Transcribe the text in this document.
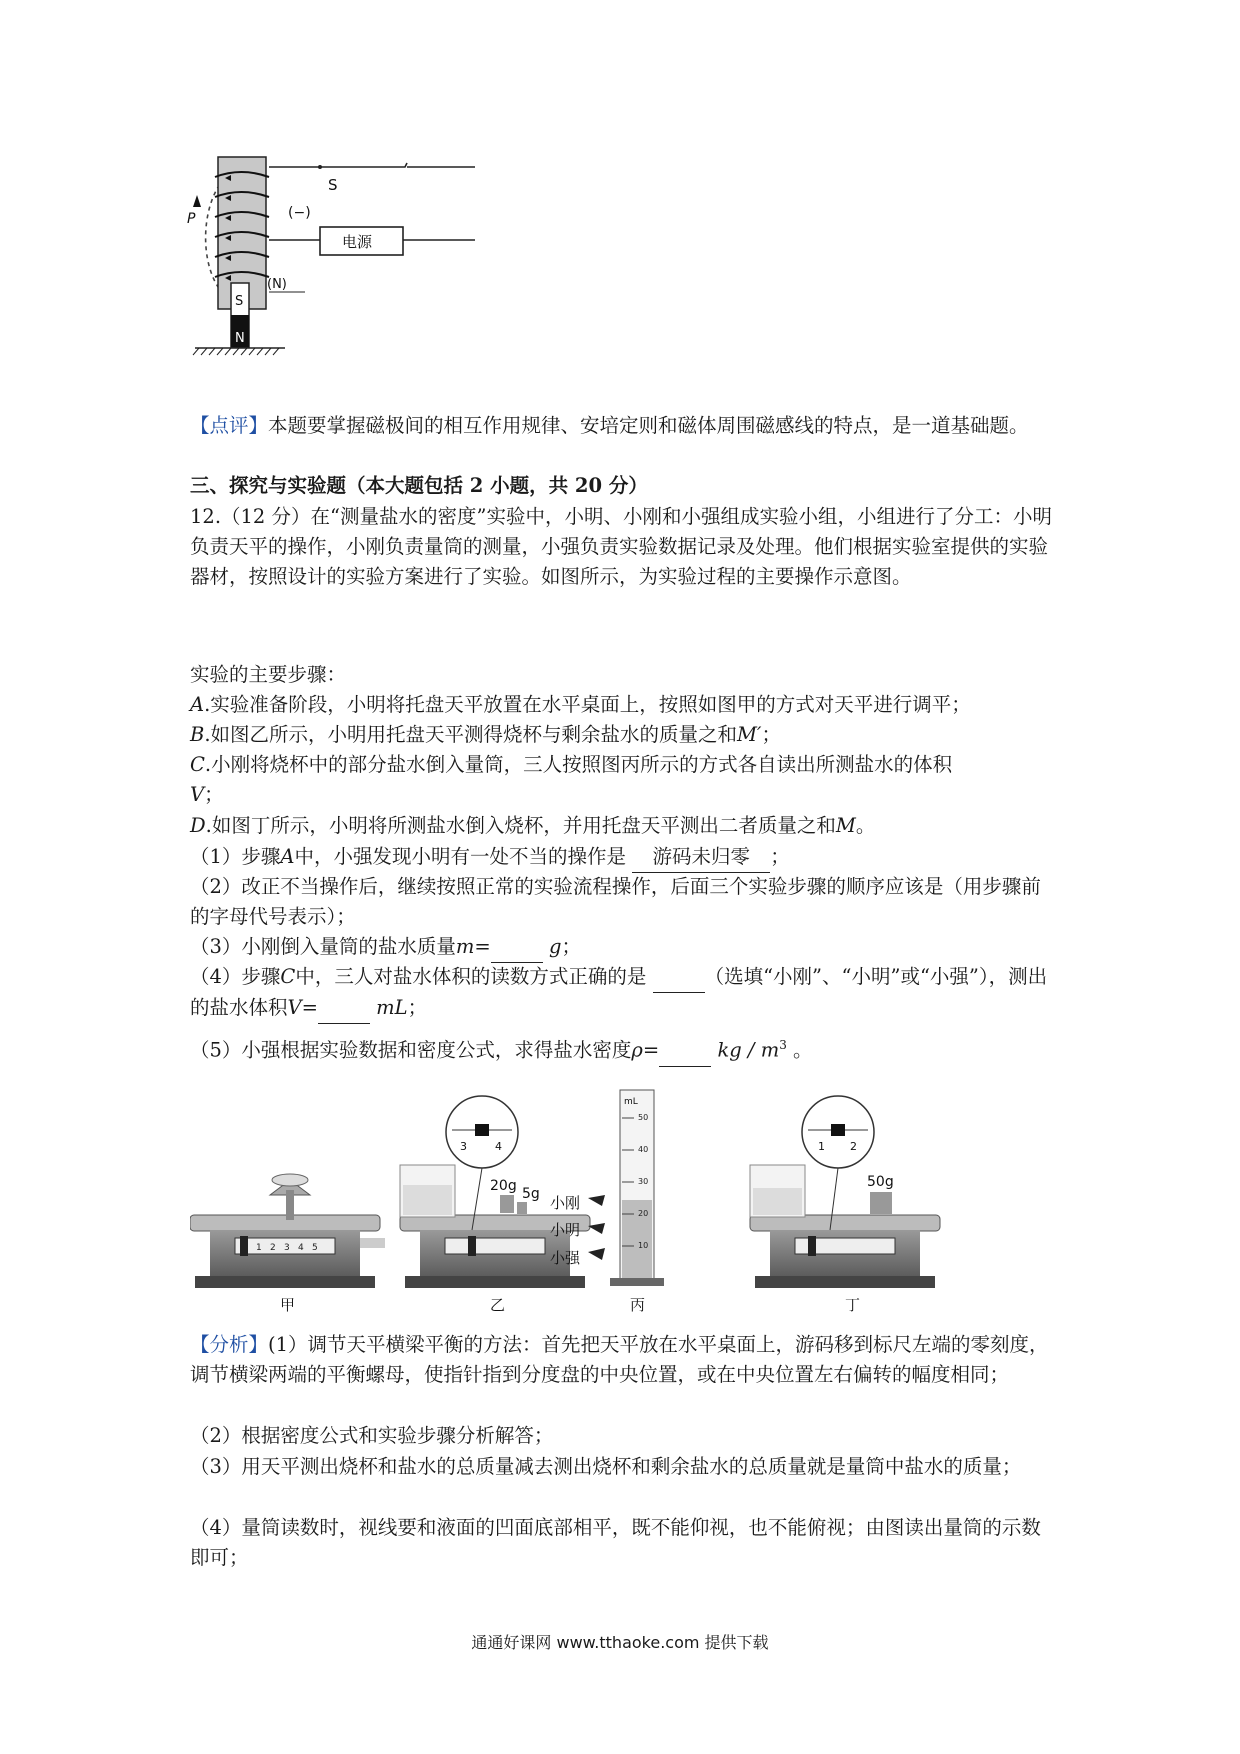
P
S
(−)
电源
(N)
S
N

【点评】本题要掌握磁极间的相互作用规律、安培定则和磁体周围磁感线的特点，是一道基础题。

三、探究与实验题（本大题包括 2 小题，共 20 分）

12.（12 分）在“测量盐水的密度”实验中，小明、小刚和小强组成实验小组，小组进行了分工：小明负责天平的操作，小刚负责量筒的测量，小强负责实验数据记录及处理。他们根据实验室提供的实验器材，按照设计的实验方案进行了实验。如图所示，为实验过程的主要操作示意图。

实验的主要步骤：

A.实验准备阶段，小明将托盘天平放置在水平桌面上，按照如图甲的方式对天平进行调平；

B.如图乙所示，小明用托盘天平测得烧杯与剩余盐水的质量之和M′；

C.小刚将烧杯中的部分盐水倒入量筒，三人按照图丙所示的方式各自读出所测盐水的体积
V；

D.如图丁所示，小明将所测盐水倒入烧杯，并用托盘天平测出二者质量之和M。

（1）步骤A中，小强发现小明有一处不当的操作是 游码未归零 ；

（2）改正不当操作后，继续按照正常的实验流程操作，后面三个实验步骤的顺序应该是（用步骤前的字母代号表示）；

（3）小刚倒入量筒的盐水质量m=	g；

（4）步骤C中，三人对盐水体积的读数方式正确的是	（选填“小刚”、“小明”或“小强”），测出的盐水体积V=	mL；

（5）小强根据实验数据和密度公式，求得盐水密度ρ=	kg / $m^3$ 。

1 2 3 4 5
甲
20g 5g
3	4
乙
mL
50
40
30
20
10
小刚
小明
小强
丙
50g
1 2
丁

【分析】(1）调节天平横梁平衡的方法：首先把天平放在水平桌面上，游码移到标尺左端的零刻度，调节横梁两端的平衡螺母，使指针指到分度盘的中央位置，或在中央位置左右偏转的幅度相同；

（2）根据密度公式和实验步骤分析解答；

（3）用天平测出烧杯和盐水的总质量减去测出烧杯和剩余盐水的总质量就是量筒中盐水的质量；

（4）量筒读数时，视线要和液面的凹面底部相平，既不能仰视，也不能俯视；由图读出量筒的示数即可；

通通好课网 www.tthaoke.com 提供下载
